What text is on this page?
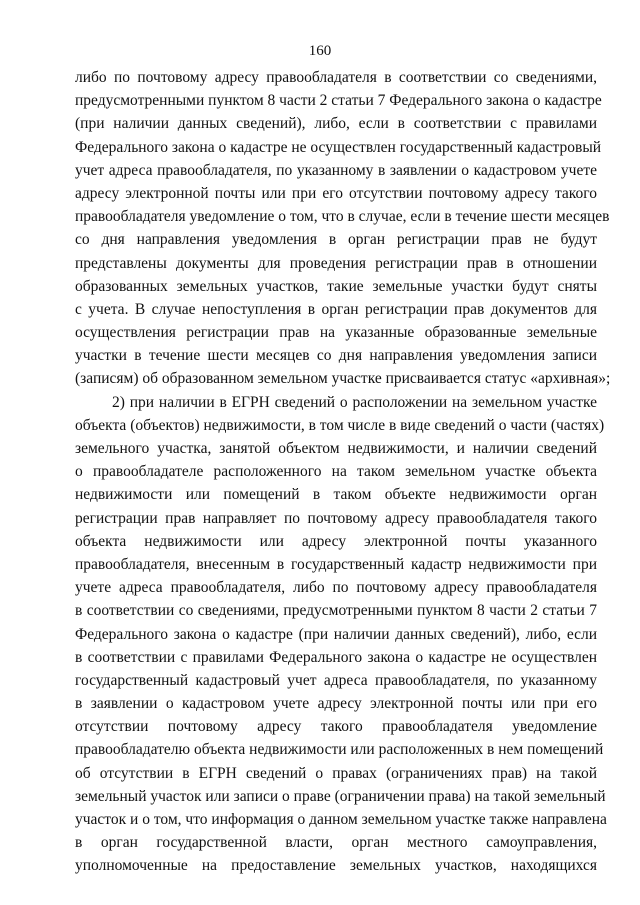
160
либо по почтовому адресу правообладателя в соответствии со сведениями,
предусмотренными пунктом 8 части 2 статьи 7 Федерального закона о кадастре
(при наличии данных сведений), либо, если в соответствии с правилами
Федерального закона о кадастре не осуществлен государственный кадастровый
учет адреса правообладателя, по указанному в заявлении о кадастровом учете
адресу электронной почты или при его отсутствии почтовому адресу такого
правообладателя уведомление о том, что в случае, если в течение шести месяцев
со дня направления уведомления в орган регистрации прав не будут
представлены документы для проведения регистрации прав в отношении
образованных земельных участков, такие земельные участки будут сняты
с учета. В случае непоступления в орган регистрации прав документов для
осуществления регистрации прав на указанные образованные земельные
участки в течение шести месяцев со дня направления уведомления записи
(записям) об образованном земельном участке присваивается статус «архивная»;
2) при наличии в ЕГРН сведений о расположении на земельном участке
объекта (объектов) недвижимости, в том числе в виде сведений о части (частях)
земельного участка, занятой объектом недвижимости, и наличии сведений
о правообладателе расположенного на таком земельном участке объекта
недвижимости или помещений в таком объекте недвижимости орган
регистрации прав направляет по почтовому адресу правообладателя такого
объекта недвижимости или адресу электронной почты указанного
правообладателя, внесенным в государственный кадастр недвижимости при
учете адреса правообладателя, либо по почтовому адресу правообладателя
в соответствии со сведениями, предусмотренными пунктом 8 части 2 статьи 7
Федерального закона о кадастре (при наличии данных сведений), либо, если
в соответствии с правилами Федерального закона о кадастре не осуществлен
государственный кадастровый учет адреса правообладателя, по указанному
в заявлении о кадастровом учете адресу электронной почты или при его
отсутствии почтовому адресу такого правообладателя уведомление
правообладателю объекта недвижимости или расположенных в нем помещений
об отсутствии в ЕГРН сведений о правах (ограничениях прав) на такой
земельный участок или записи о праве (ограничении права) на такой земельный
участок и о том, что информация о данном земельном участке также направлена
в орган государственной власти, орган местного самоуправления,
уполномоченные на предоставление земельных участков, находящихся
